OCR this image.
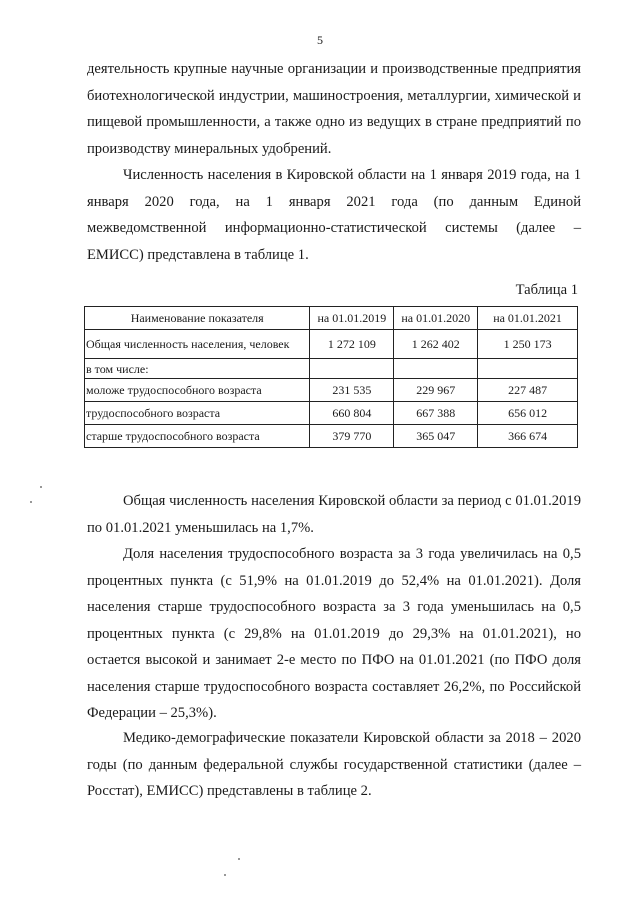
5

деятельность крупные научные организации и производственные предприятия биотехнологической индустрии, машиностроения, металлургии, химической и пищевой промышленности, а также одно из ведущих в стране предприятий по производству минеральных удобрений.

Численность населения в Кировской области на 1 января 2019 года, на 1 января 2020 года, на 1 января 2021 года (по данным Единой межведомственной информационно-статистической системы (далее – ЕМИСС) представлена в таблице 1.

Таблица 1
Наименование показателя	на 01.01.2019	на 01.01.2020	на 01.01.2021
Общая численность населения, человек	1 272 109	1 262 402	1 250 173
в том числе:			
моложе трудоспособного возраста	231 535	229 967	227 487
трудоспособного возраста	660 804	667 388	656 012
старше трудоспособного возраста	379 770	365 047	366 674

Общая численность населения Кировской области за период с 01.01.2019 по 01.01.2021 уменьшилась на 1,7%.

Доля населения трудоспособного возраста за 3 года увеличилась на 0,5 процентных пункта (с 51,9% на 01.01.2019 до 52,4% на 01.01.2021). Доля населения старше трудоспособного возраста за 3 года уменьшилась на 0,5 процентных пункта (с 29,8% на 01.01.2019 до 29,3% на 01.01.2021), но остается высокой и занимает 2-е место по ПФО на 01.01.2021 (по ПФО доля населения старше трудоспособного возраста составляет 26,2%, по Российской Федерации – 25,3%).

Медико-демографические показатели Кировской области за 2018 – 2020 годы (по данным федеральной службы государственной статистики (далее – Росстат), ЕМИСС) представлены в таблице 2.
